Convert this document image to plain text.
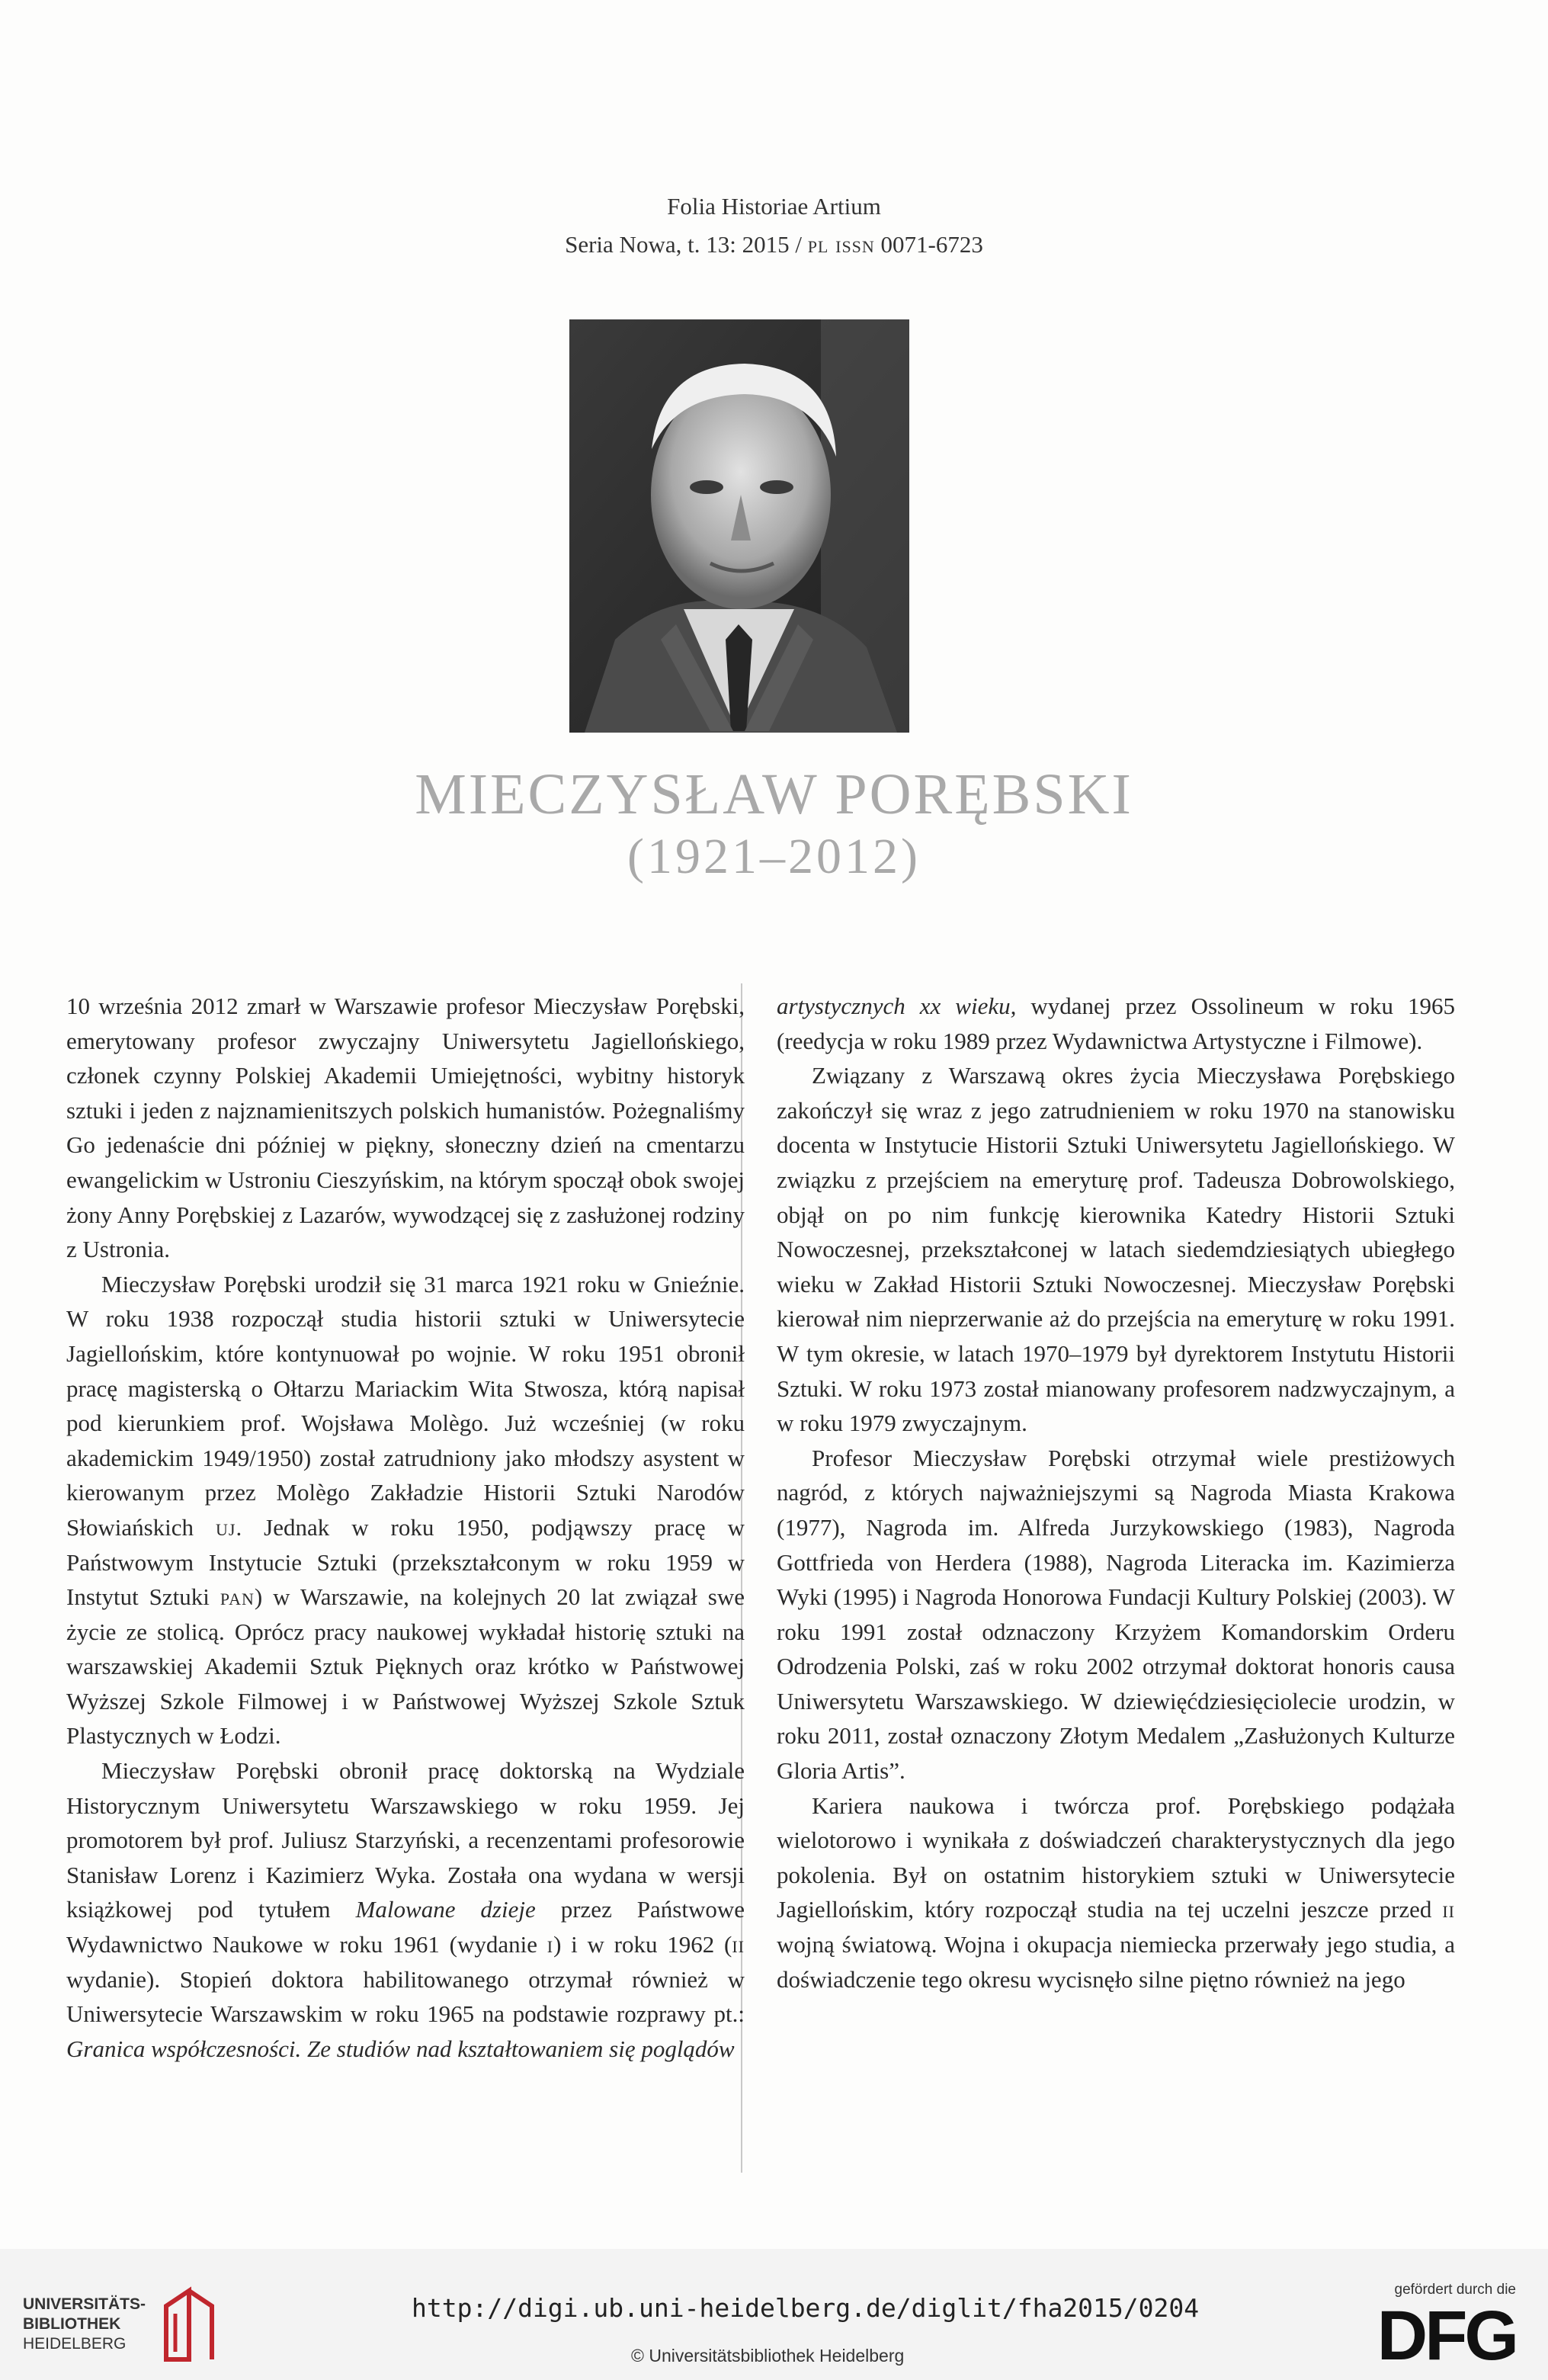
Folia Historiae Artium
Seria Nowa, t. 13: 2015 / pl issn 0071-6723
MIECZYSŁAW PORĘBSKI
(1921–2012)

10 września 2012 zmarł w Warszawie profesor Mieczysław Porębski, emerytowany profesor zwyczajny Uniwersytetu Jagiellońskiego, członek czynny Polskiej Akademii Umiejętności, wybitny historyk sztuki i jeden z najznamienitszych polskich humanistów. Pożegnaliśmy Go jedenaście dni później w piękny, słoneczny dzień na cmentarzu ewangelickim w Ustroniu Cieszyńskim, na którym spoczął obok swojej żony Anny Porębskiej z Lazarów, wywodzącej się z zasłużonej rodziny z Ustronia.

Mieczysław Porębski urodził się 31 marca 1921 roku w Gnieźnie. W roku 1938 rozpoczął studia historii sztuki w Uniwersytecie Jagiellońskim, które kontynuował po wojnie. W roku 1951 obronił pracę magisterską o Ołtarzu Mariackim Wita Stwosza, którą napisał pod kierunkiem prof. Wojsława Molègo. Już wcześniej (w roku akademickim 1949/1950) został zatrudniony jako młodszy asystent w kierowanym przez Molègo Zakładzie Historii Sztuki Narodów Słowiańskich uj. Jednak w roku 1950, podjąwszy pracę w Państwowym Instytucie Sztuki (przekształconym w roku 1959 w Instytut Sztuki pan) w Warszawie, na kolejnych 20 lat związał swe życie ze stolicą. Oprócz pracy naukowej wykładał historię sztuki na warszawskiej Akademii Sztuk Pięknych oraz krótko w Państwowej Wyższej Szkole Filmowej i w Państwowej Wyższej Szkole Sztuk Plastycznych w Łodzi.

Mieczysław Porębski obronił pracę doktorską na Wydziale Historycznym Uniwersytetu Warszawskiego w roku 1959. Jej promotorem był prof. Juliusz Starzyński, a recenzentami profesorowie Stanisław Lorenz i Kazimierz Wyka. Została ona wydana w wersji książkowej pod tytułem Malowane dzieje przez Państwowe Wydawnictwo Naukowe w roku 1961 (wydanie i) i w roku 1962 (ii wydanie). Stopień doktora habilitowanego otrzymał również w Uniwersytecie Warszawskim w roku 1965 na podstawie rozprawy pt.: Granica współczesności. Ze studiów nad kształtowaniem się poglądów

artystycznych xx wieku, wydanej przez Ossolineum w roku 1965 (reedycja w roku 1989 przez Wydawnictwa Artystyczne i Filmowe).

Związany z Warszawą okres życia Mieczysława Porębskiego zakończył się wraz z jego zatrudnieniem w roku 1970 na stanowisku docenta w Instytucie Historii Sztuki Uniwersytetu Jagiellońskiego. W związku z przejściem na emeryturę prof. Tadeusza Dobrowolskiego, objął on po nim funkcję kierownika Katedry Historii Sztuki Nowoczesnej, przekształconej w latach siedemdziesiątych ubiegłego wieku w Zakład Historii Sztuki Nowoczesnej. Mieczysław Porębski kierował nim nieprzerwanie aż do przejścia na emeryturę w roku 1991. W tym okresie, w latach 1970–1979 był dyrektorem Instytutu Historii Sztuki. W roku 1973 został mianowany profesorem nadzwyczajnym, a w roku 1979 zwyczajnym.

Profesor Mieczysław Porębski otrzymał wiele prestiżowych nagród, z których najważniejszymi są Nagroda Miasta Krakowa (1977), Nagroda im. Alfreda Jurzykowskiego (1983), Nagroda Gottfrieda von Herdera (1988), Nagroda Literacka im. Kazimierza Wyki (1995) i Nagroda Honorowa Fundacji Kultury Polskiej (2003). W roku 1991 został odznaczony Krzyżem Komandorskim Orderu Odrodzenia Polski, zaś w roku 2002 otrzymał doktorat honoris causa Uniwersytetu Warszawskiego. W dziewięćdziesięciolecie urodzin, w roku 2011, został oznaczony Złotym Medalem „Zasłużonych Kulturze Gloria Artis”.

Kariera naukowa i twórcza prof. Porębskiego podążała wielotorowo i wynikała z doświadczeń charakterystycznych dla jego pokolenia. Był on ostatnim historykiem sztuki w Uniwersytecie Jagiellońskim, który rozpoczął studia na tej uczelni jeszcze przed ii wojną światową. Wojna i okupacja niemiecka przerwały jego studia, a doświadczenie tego okresu wycisnęło silne piętno również na jego

UNIVERSITÄTS-
BIBLIOTHEK
HEIDELBERG
http://digi.ub.uni-heidelberg.de/diglit/fha2015/0204
© Universitätsbibliothek Heidelberg
gefördert durch die
DFG
